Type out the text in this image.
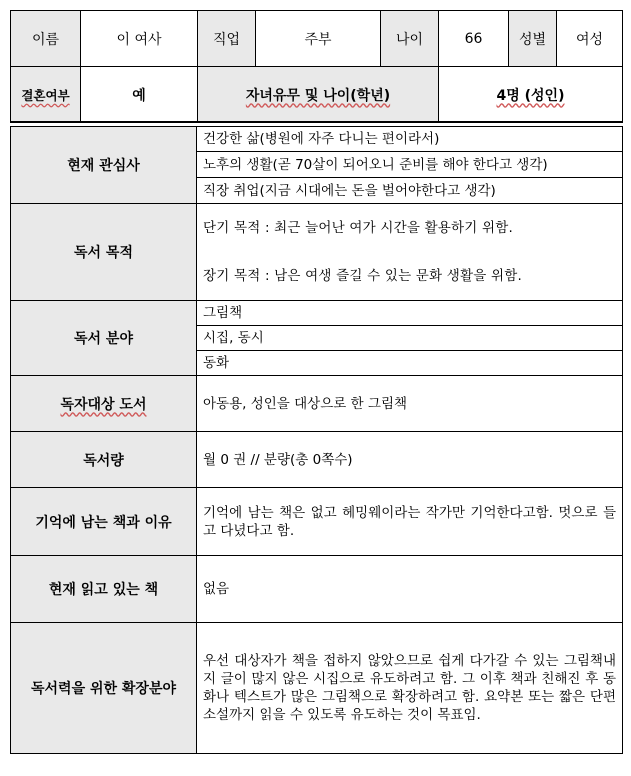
이름	이 여사	직업	주부	나이	66	성별	여성
결혼여부	예	자녀유무 및 나이(학년)			4명 (성인)		
현재 관심사	건강한 삶(병원에 자주 다니는 편이라서)
	노후의 생활(곧 70살이 되어오니 준비를 해야 한다고 생각)
	직장 취업(지금 시대에는 돈을 벌어야한다고 생각)
독서 목적	단기 목적 : 최근 늘어난 여가 시간을 활용하기 위함.
	장기 목적 : 남은 여생 즐길 수 있는 문화 생활을 위함.
독서 분야	그림책
	시집, 동시
	동화
독자대상 도서	아동용, 성인을 대상으로 한 그림책
독서량	월 0 권 // 분량(총 0쪽수)
기억에 남는 책과 이유	기억에 남는 책은 없고 헤밍웨이라는 작가만 기억한다고함. 멋으로 들고 다녔다고 함.
현재 읽고 있는 책	없음
독서력을 위한 확장분야	우선 대상자가 책을 접하지 않았으므로 쉽게 다가갈 수 있는 그림책내지 글이 많지 않은 시집으로 유도하려고 함. 그 이후 책과 친해진 후 동화나 텍스트가 많은 그림책으로 확장하려고 함. 요약본 또는 짧은 단편 소설까지 읽을 수 있도록 유도하는 것이 목표임.
